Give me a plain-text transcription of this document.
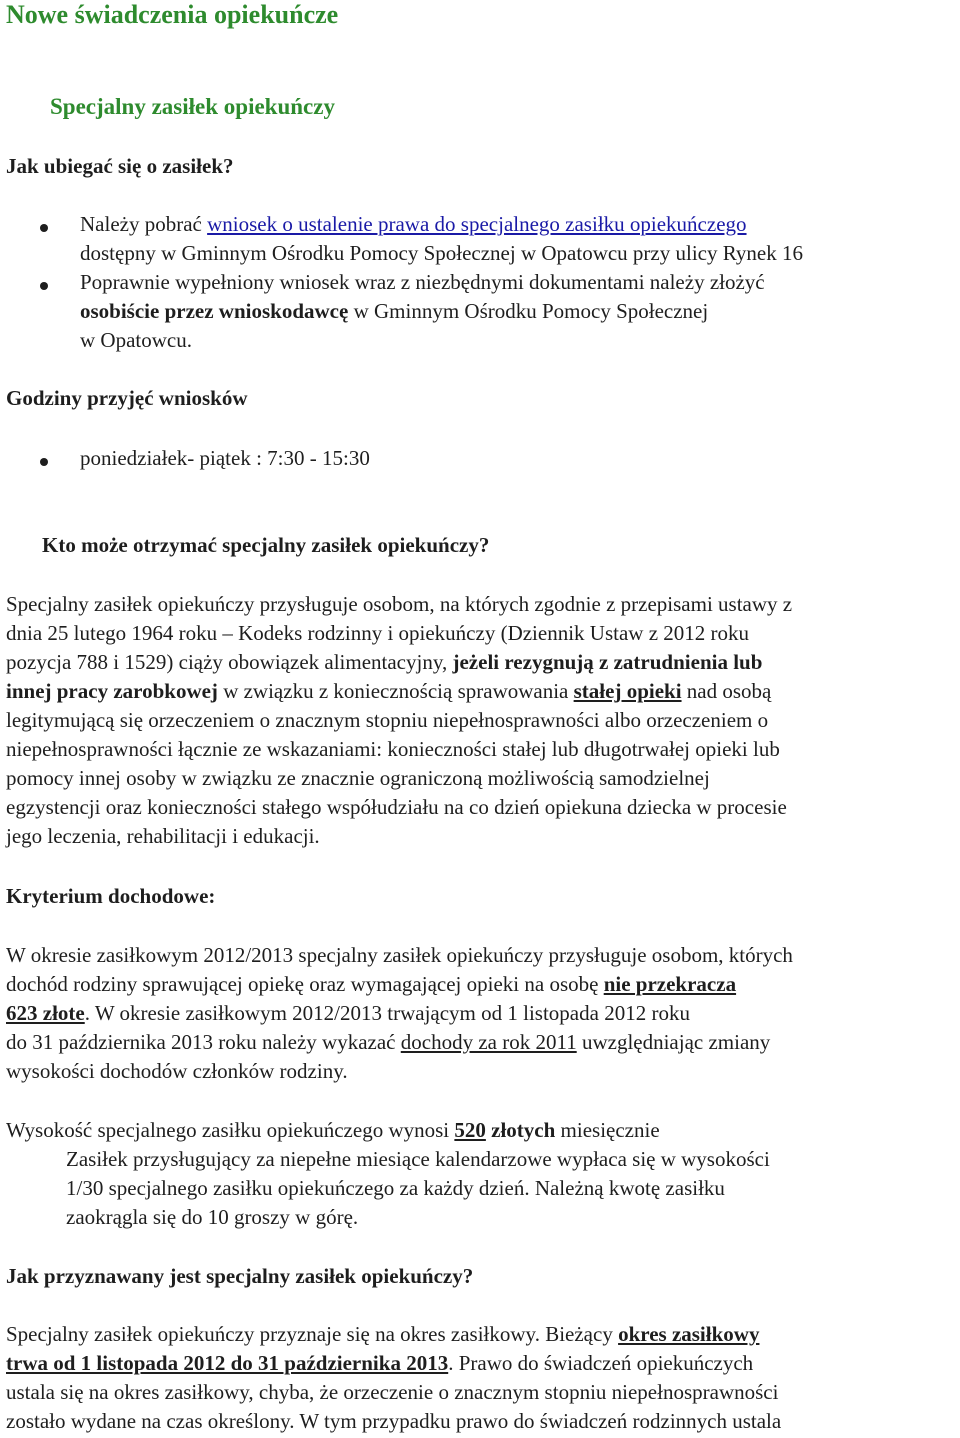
Nowe świadczenia opiekuńcze
Specjalny zasiłek opiekuńczy
Jak ubiegać się o zasiłek?
Należy pobrać wniosek o ustalenie prawa do specjalnego zasiłku opiekuńczego
dostępny w Gminnym Ośrodku Pomocy Społecznej w Opatowcu przy ulicy Rynek 16
Poprawnie wypełniony wniosek wraz z niezbędnymi dokumentami należy złożyć
osobiście przez wnioskodawcę w Gminnym Ośrodku Pomocy Społecznej
w Opatowcu.
Godziny przyjęć wniosków
poniedziałek- piątek : 7:30 - 15:30
Kto może otrzymać specjalny zasiłek opiekuńczy?
Specjalny zasiłek opiekuńczy przysługuje osobom, na których zgodnie z przepisami ustawy z
dnia 25 lutego 1964 roku – Kodeks rodzinny i opiekuńczy (Dziennik Ustaw z 2012 roku
pozycja 788 i 1529) ciąży obowiązek alimentacyjny, jeżeli rezygnują z zatrudnienia lub
innej pracy zarobkowej w związku z koniecznością sprawowania stałej opieki nad osobą
legitymującą się orzeczeniem o znacznym stopniu niepełnosprawności albo orzeczeniem o
niepełnosprawności łącznie ze wskazaniami: konieczności stałej lub długotrwałej opieki lub
pomocy innej osoby w związku ze znacznie ograniczoną możliwością samodzielnej
egzystencji oraz konieczności stałego współudziału na co dzień opiekuna dziecka w procesie
jego leczenia, rehabilitacji i edukacji.
Kryterium dochodowe:
W okresie zasiłkowym 2012/2013 specjalny zasiłek opiekuńczy przysługuje osobom, których
dochód rodziny sprawującej opiekę oraz wymagającej opieki na osobę nie przekracza
623 złote. W okresie zasiłkowym 2012/2013 trwającym od 1 listopada 2012 roku
do 31 października 2013 roku należy wykazać dochody za rok 2011 uwzględniając zmiany
wysokości dochodów członków rodziny.
Wysokość specjalnego zasiłku opiekuńczego wynosi 520 złotych miesięcznie
Zasiłek przysługujący za niepełne miesiące kalendarzowe wypłaca się w wysokości
1/30 specjalnego zasiłku opiekuńczego za każdy dzień. Należną kwotę zasiłku
zaokrągla się do 10 groszy w górę.
Jak przyznawany jest specjalny zasiłek opiekuńczy?
Specjalny zasiłek opiekuńczy przyznaje się na okres zasiłkowy. Bieżący okres zasiłkowy
trwa od 1 listopada 2012 do 31 października 2013. Prawo do świadczeń opiekuńczych
ustala się na okres zasiłkowy, chyba, że orzeczenie o znacznym stopniu niepełnosprawności
zostało wydane na czas określony. W tym przypadku prawo do świadczeń rodzinnych ustala
